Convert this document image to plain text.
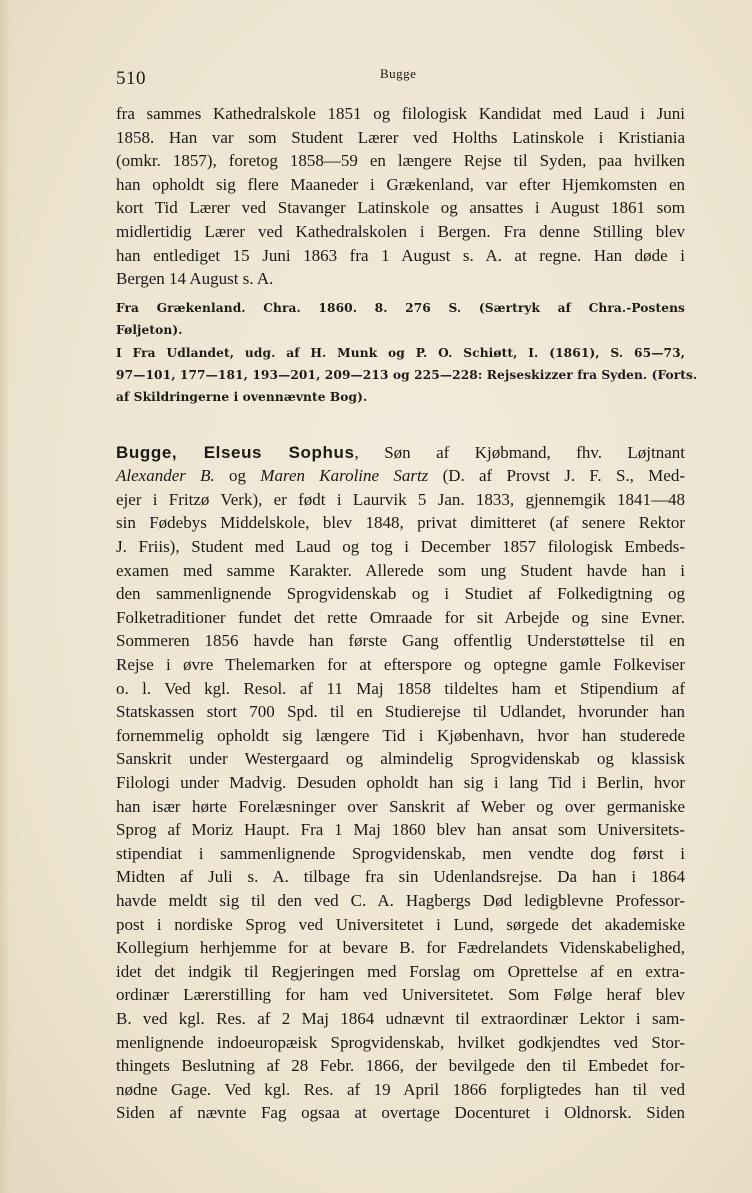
510	Bugge
fra sammes Kathedralskole 1851 og filologisk Kandidat med Laud i Juni
1858. Han var som Student Lærer ved Holths Latinskole i Kristiania
(omkr. 1857), foretog 1858—59 en længere Rejse til Syden, paa hvilken
han opholdt sig flere Maaneder i Grækenland, var efter Hjemkomsten en
kort Tid Lærer ved Stavanger Latinskole og ansattes i August 1861 som
midlertidig Lærer ved Kathedralskolen i Bergen. Fra denne Stilling blev
han entlediget 15 Juni 1863 fra 1 August s. A. at regne. Han døde i
Bergen 14 August s. A.
Fra Grækenland. Chra. 1860. 8. 276 S. (Særtryk af Chra.-Postens
Føljeton).
I Fra Udlandet, udg. af H. Munk og P. O. Schiøtt, I. (1861), S. 65—73,
97—101, 177—181, 193—201, 209—213 og 225—228: Rejseskizzer fra Syden. (Forts.
af Skildringerne i ovennævnte Bog).
Bugge, Elseus Sophus, Søn af Kjøbmand, fhv. Løjtnant
Alexander B. og Maren Karoline Sartz (D. af Provst J. F. S., Med-
ejer i Fritzø Verk), er født i Laurvik 5 Jan. 1833, gjennemgik 1841—48
sin Fødebys Middelskole, blev 1848, privat dimitteret (af senere Rektor
J. Friis), Student med Laud og tog i December 1857 filologisk Embeds-
examen med samme Karakter. Allerede som ung Student havde han i
den sammenlignende Sprogvidenskab og i Studiet af Folkedigtning og
Folketraditioner fundet det rette Omraade for sit Arbejde og sine Evner.
Sommeren 1856 havde han første Gang offentlig Understøttelse til en
Rejse i øvre Thelemarken for at efterspore og optegne gamle Folkeviser
o. l. Ved kgl. Resol. af 11 Maj 1858 tildeltes ham et Stipendium af
Statskassen stort 700 Spd. til en Studierejse til Udlandet, hvorunder han
fornemmelig opholdt sig længere Tid i Kjøbenhavn, hvor han studerede
Sanskrit under Westergaard og almindelig Sprogvidenskab og klassisk
Filologi under Madvig. Desuden opholdt han sig i lang Tid i Berlin, hvor
han især hørte Forelæsninger over Sanskrit af Weber og over germaniske
Sprog af Moriz Haupt. Fra 1 Maj 1860 blev han ansat som Universitets-
stipendiat i sammenlignende Sprogvidenskab, men vendte dog først i
Midten af Juli s. A. tilbage fra sin Udenlandsrejse. Da han i 1864
havde meldt sig til den ved C. A. Hagbergs Død ledigblevne Professor-
post i nordiske Sprog ved Universitetet i Lund, sørgede det akademiske
Kollegium herhjemme for at bevare B. for Fædrelandets Videnskabelighed,
idet det indgik til Regjeringen med Forslag om Oprettelse af en extra-
ordinær Lærerstilling for ham ved Universitetet. Som Følge heraf blev
B. ved kgl. Res. af 2 Maj 1864 udnævnt til extraordinær Lektor i sam-
menlignende indoeuropæisk Sprogvidenskab, hvilket godkjendtes ved Stor-
thingets Beslutning af 28 Febr. 1866, der bevilgede den til Embedet for-
nødne Gage. Ved kgl. Res. af 19 April 1866 forpligtedes han til ved
Siden af nævnte Fag ogsaa at overtage Docenturet i Oldnorsk. Siden
